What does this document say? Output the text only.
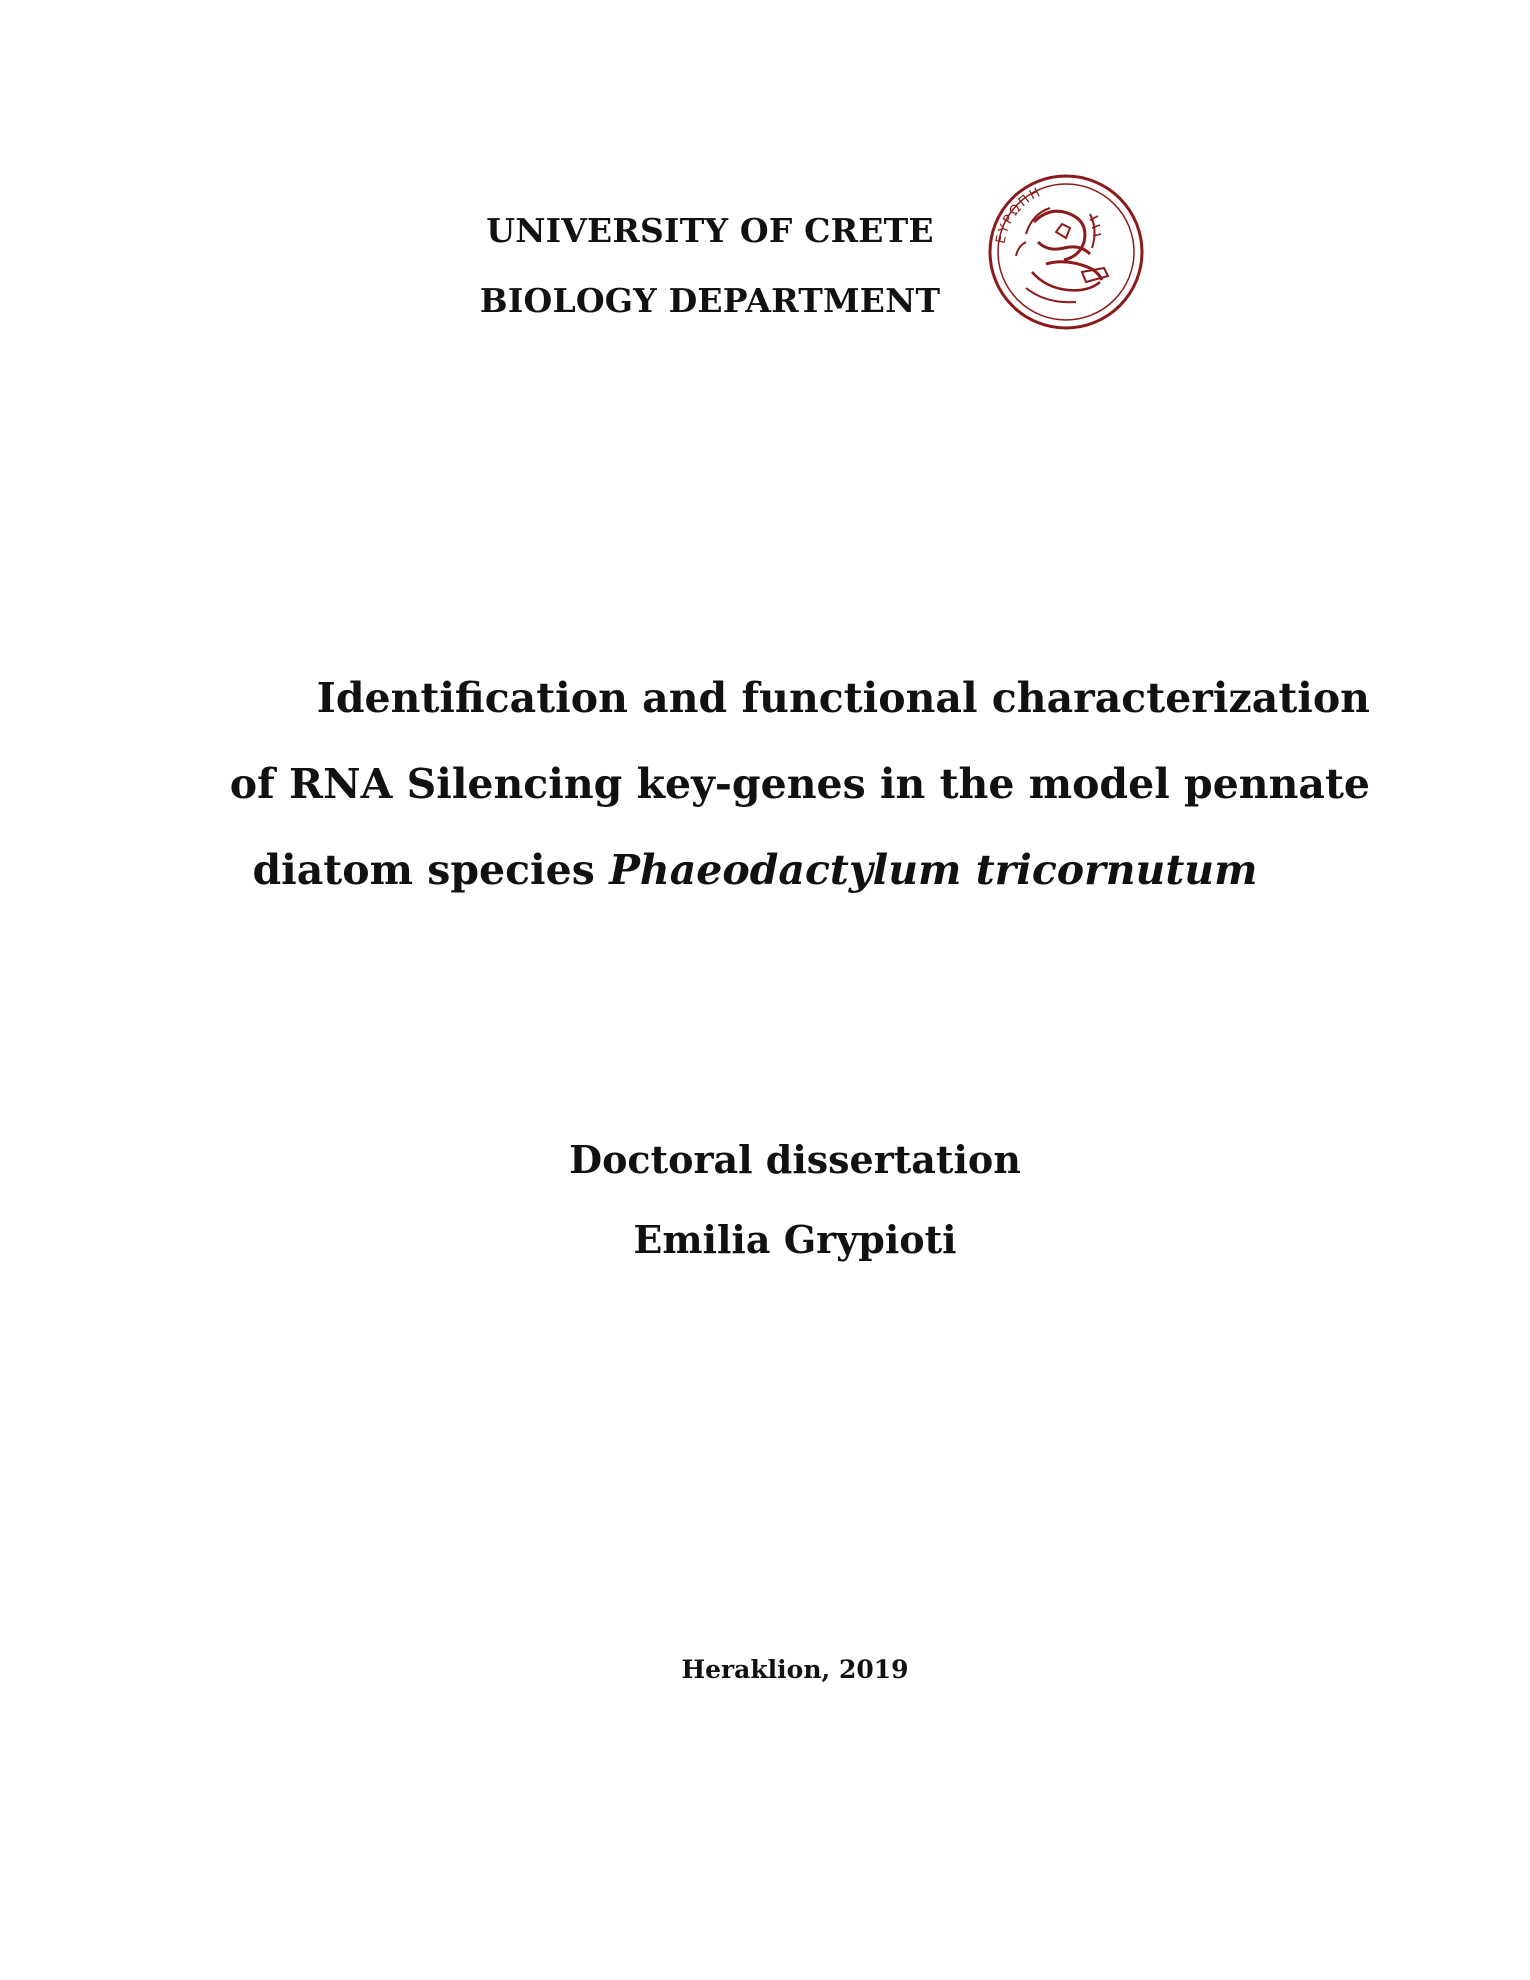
UNIVERSITY OF CRETE
BIOLOGY DEPARTMENT
ΕΥΡΩΠΗ
Identification and functional characterization
of RNA Silencing key-genes in the model pennate
diatom species Phaeodactylum tricornutum
Doctoral dissertation
Emilia Grypioti
Heraklion, 2019
